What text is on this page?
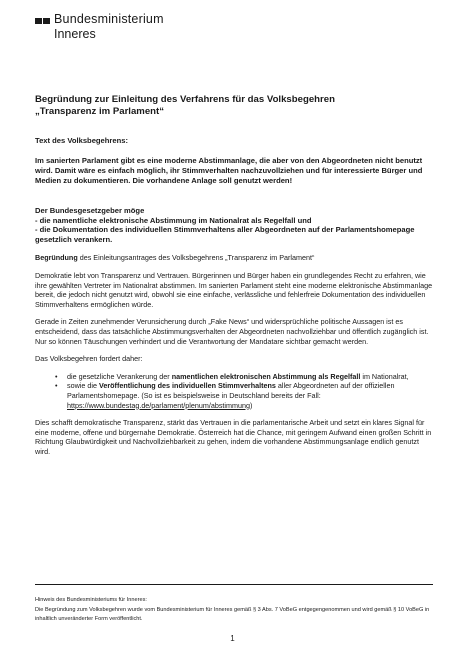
Bundesministerium
Inneres
Begründung zur Einleitung des Verfahrens für das Volksbegehren
„Transparenz im Parlament“
Text des Volksbegehrens:
Im sanierten Parlament gibt es eine moderne Abstimmanlage, die aber von den Abgeordneten nicht benutzt wird. Damit wäre es einfach möglich, ihr Stimmverhalten nachzuvollziehen und für interessierte Bürger und Medien zu dokumentieren. Die vorhandene Anlage soll genutzt werden!
Der Bundesgesetzgeber möge
- die namentliche elektronische Abstimmung im Nationalrat als Regelfall und
- die Dokumentation des individuellen Stimmverhaltens aller Abgeordneten auf der Parlamentshomepage gesetzlich verankern.
Begründung des Einleitungsantrages des Volksbegehrens „Transparenz im Parlament“
Demokratie lebt von Transparenz und Vertrauen. Bürgerinnen und Bürger haben ein grundlegendes Recht zu erfahren, wie ihre gewählten Vertreter im Nationalrat abstimmen. Im sanierten Parlament steht eine moderne elektronische Abstimmanlage bereit, die jedoch nicht genutzt wird, obwohl sie eine einfache, verlässliche und fehlerfreie Dokumentation des individuellen Stimmverhaltens ermöglichen würde.
Gerade in Zeiten zunehmender Verunsicherung durch „Fake News“ und widersprüchliche politische Aussagen ist es entscheidend, dass das tatsächliche Abstimmungsverhalten der Abgeordneten nachvollziehbar und öffentlich zugänglich ist. Nur so können Täuschungen verhindert und die Verantwortung der Mandatare sichtbar gemacht werden.
Das Volksbegehren fordert daher:
• die gesetzliche Verankerung der namentlichen elektronischen Abstimmung als Regelfall im Nationalrat,
• sowie die Veröffentlichung des individuellen Stimmverhaltens aller Abgeordneten auf der offiziellen Parlamentshomepage. (So ist es beispielsweise in Deutschland bereits der Fall: https://www.bundestag.de/parlament/plenum/abstimmung)
Dies schafft demokratische Transparenz, stärkt das Vertrauen in die parlamentarische Arbeit und setzt ein klares Signal für eine moderne, offene und bürgernahe Demokratie. Österreich hat die Chance, mit geringem Aufwand einen großen Schritt in Richtung Glaubwürdigkeit und Nachvollziehbarkeit zu gehen, indem die vorhandene Abstimmungsanlage endlich genutzt wird.
Hinweis des Bundesministeriums für Inneres:
Die Begründung zum Volksbegehren wurde vom Bundesministerium für Inneres gemäß § 3 Abs. 7 VoBeG entgegengenommen und wird gemäß § 10 VoBeG in inhaltlich unveränderter Form veröffentlicht.
1
